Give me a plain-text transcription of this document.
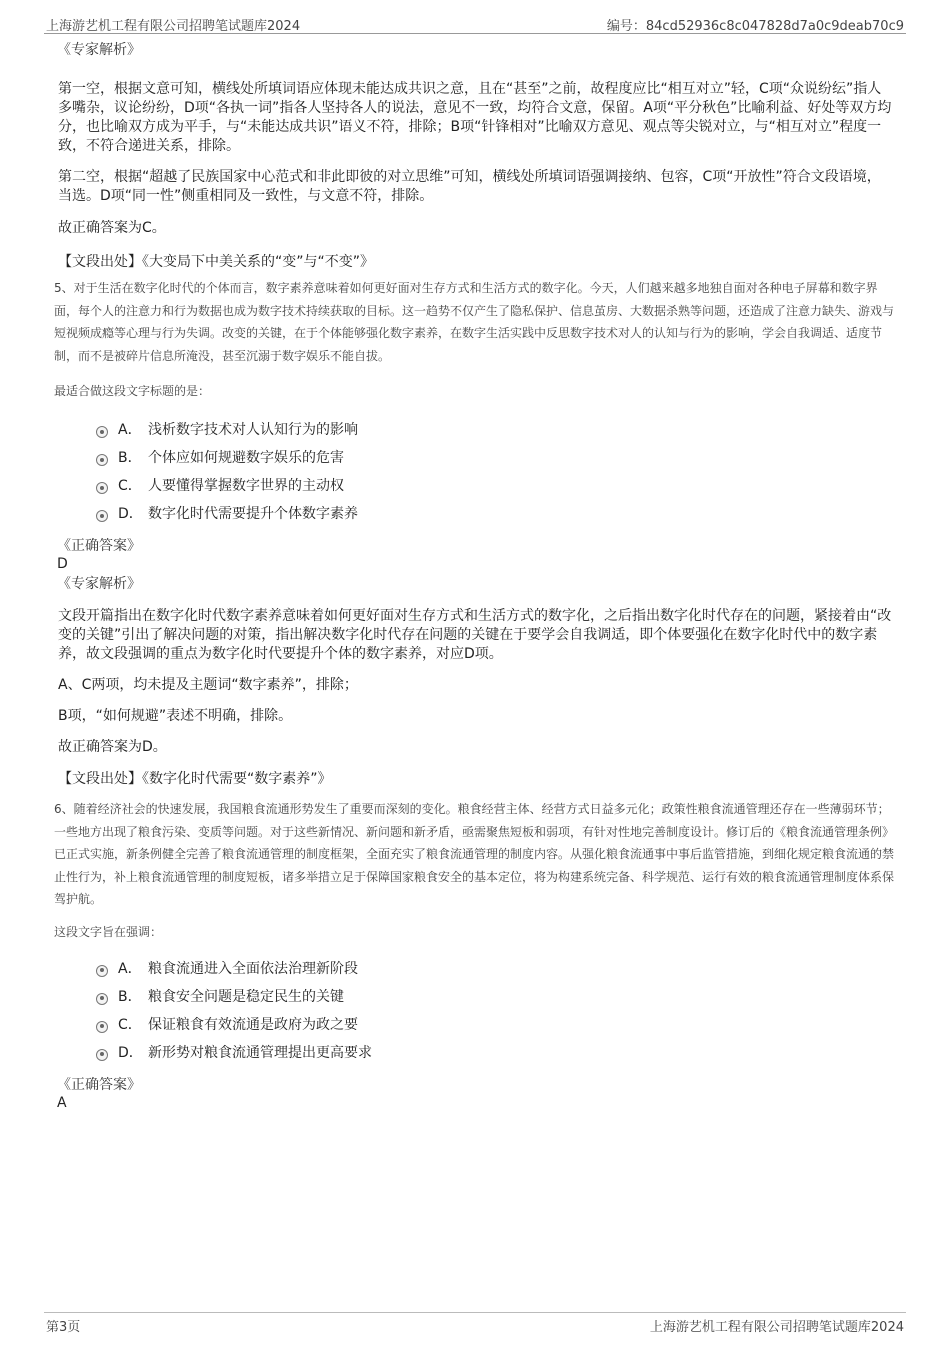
上海游艺机工程有限公司招聘笔试题库2024	编号：84cd52936c8c047828d7a0c9deab70c9
《专家解析》
第一空，根据文意可知，横线处所填词语应体现未能达成共识之意，且在“甚至”之前，故程度应比“相互对立”轻，C项“众说纷纭”指人多嘴杂，议论纷纷，D项“各执一词”指各人坚持各人的说法，意见不一致，均符合文意，保留。A项“平分秋色”比喻利益、好处等双方均分，也比喻双方成为平手，与“未能达成共识”语义不符，排除；B项“针锋相对”比喻双方意见、观点等尖锐对立，与“相互对立”程度一致，不符合递进关系，排除。
第二空，根据“超越了民族国家中心范式和非此即彼的对立思维”可知，横线处所填词语强调接纳、包容，C项“开放性”符合文段语境，当选。D项“同一性”侧重相同及一致性，与文意不符，排除。
故正确答案为C。
【文段出处】《大变局下中美关系的“变”与“不变”》
5、对于生活在数字化时代的个体而言，数字素养意味着如何更好面对生存方式和生活方式的数字化。今天，人们越来越多地独自面对各种电子屏幕和数字界面，每个人的注意力和行为数据也成为数字技术持续获取的目标。这一趋势不仅产生了隐私保护、信息茧房、大数据杀熟等问题，还造成了注意力缺失、游戏与短视频成瘾等心理与行为失调。改变的关键，在于个体能够强化数字素养，在数字生活实践中反思数字技术对人的认知与行为的影响，学会自我调适、适度节制，而不是被碎片信息所淹没，甚至沉溺于数字娱乐不能自拔。
最适合做这段文字标题的是：
A． 浅析数字技术对人认知行为的影响
B． 个体应如何规避数字娱乐的危害
C． 人要懂得掌握数字世界的主动权
D． 数字化时代需要提升个体数字素养
《正确答案》
D
《专家解析》
文段开篇指出在数字化时代数字素养意味着如何更好面对生存方式和生活方式的数字化，之后指出数字化时代存在的问题，紧接着由“改变的关键”引出了解决问题的对策，指出解决数字化时代存在问题的关键在于要学会自我调适，即个体要强化在数字化时代中的数字素养，故文段强调的重点为数字化时代要提升个体的数字素养，对应D项。
A、C两项，均未提及主题词“数字素养”，排除；
B项，“如何规避”表述不明确，排除。
故正确答案为D。
【文段出处】《数字化时代需要“数字素养”》
6、随着经济社会的快速发展，我国粮食流通形势发生了重要而深刻的变化。粮食经营主体、经营方式日益多元化；政策性粮食流通管理还存在一些薄弱环节；一些地方出现了粮食污染、变质等问题。对于这些新情况、新问题和新矛盾，亟需聚焦短板和弱项，有针对性地完善制度设计。修订后的《粮食流通管理条例》已正式实施，新条例健全完善了粮食流通管理的制度框架，全面充实了粮食流通管理的制度内容。从强化粮食流通事中事后监管措施，到细化规定粮食流通的禁止性行为，补上粮食流通管理的制度短板，诸多举措立足于保障国家粮食安全的基本定位，将为构建系统完备、科学规范、运行有效的粮食流通管理制度体系保驾护航。
这段文字旨在强调：
A． 粮食流通进入全面依法治理新阶段
B． 粮食安全问题是稳定民生的关键
C． 保证粮食有效流通是政府为政之要
D． 新形势对粮食流通管理提出更高要求
《正确答案》
A
第3页	上海游艺机工程有限公司招聘笔试题库2024
